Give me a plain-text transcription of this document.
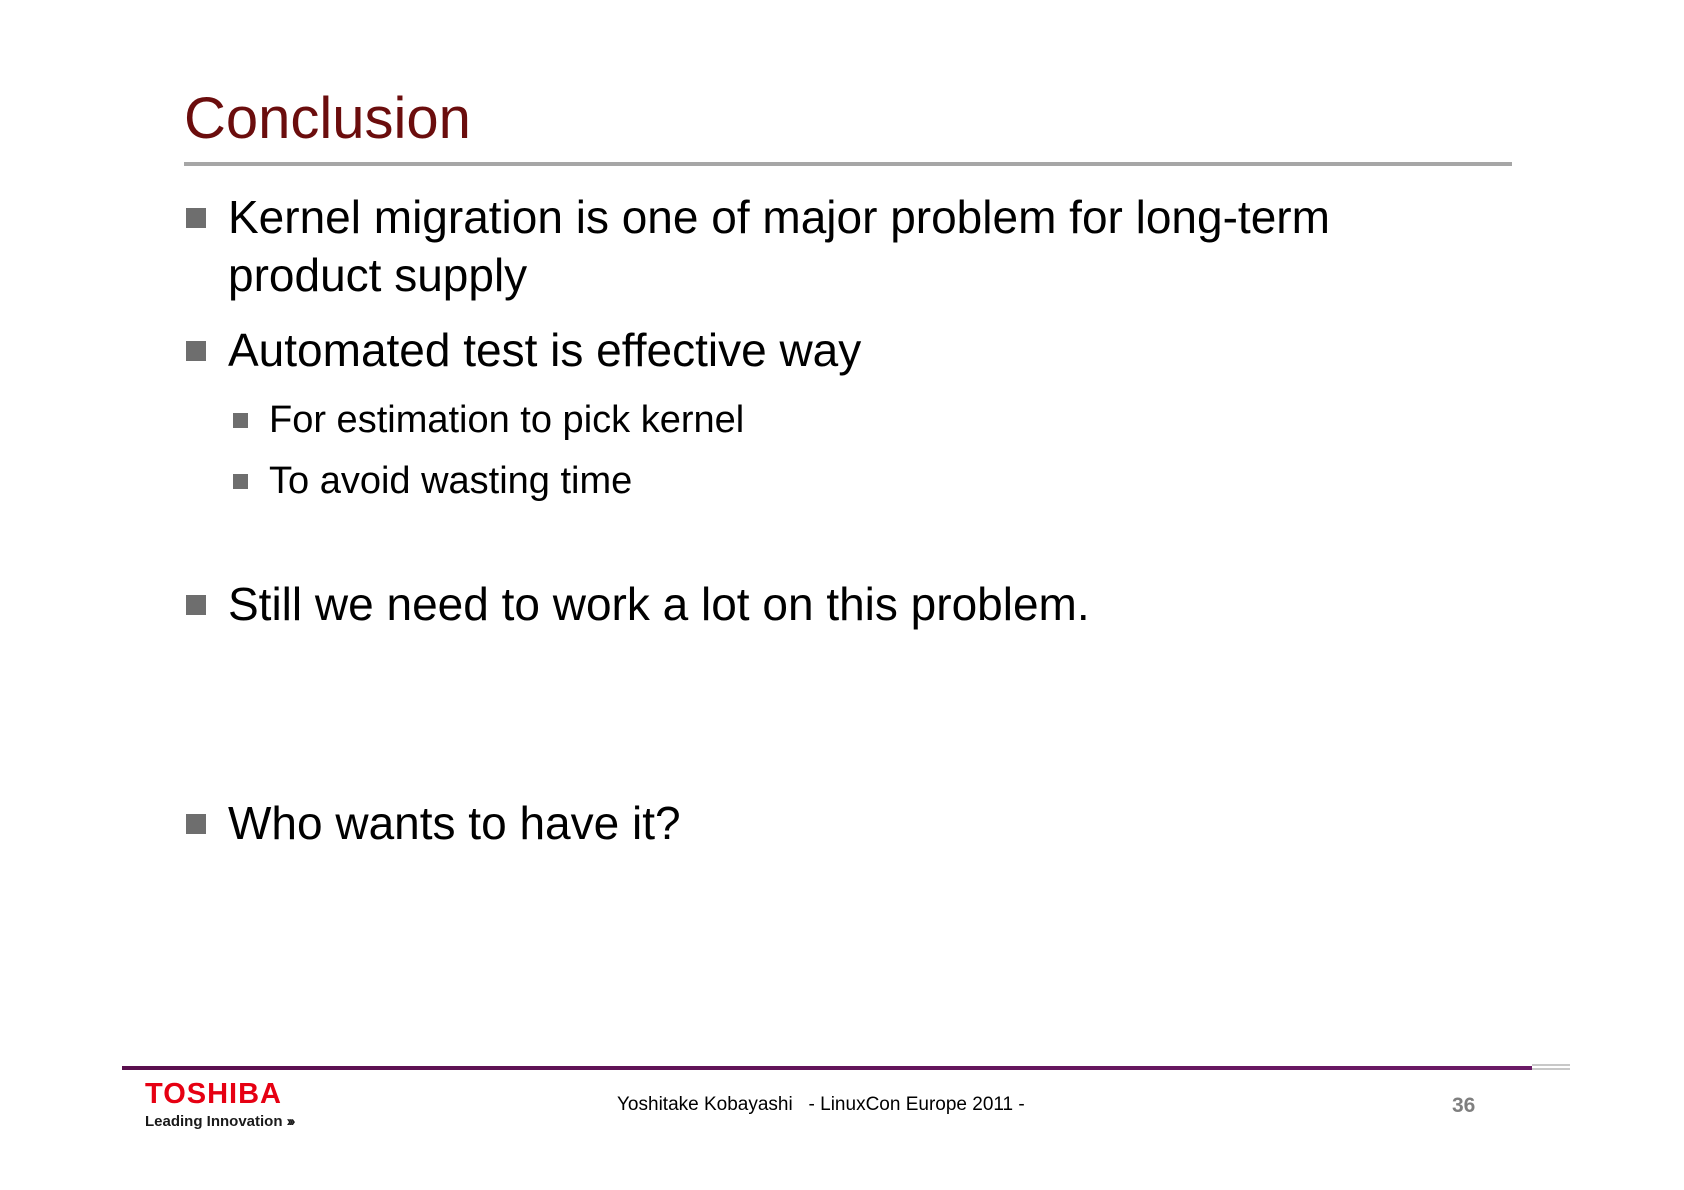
Conclusion
Kernel migration is one of major problem for long-term
product supply
Automated test is effective way
For estimation to pick kernel
To avoid wasting time
Still we need to work a lot on this problem.
Who wants to have it?
TOSHIBA
Leading Innovation ›››
Yoshitake Kobayashi   - LinuxCon Europe 2011 -	36
